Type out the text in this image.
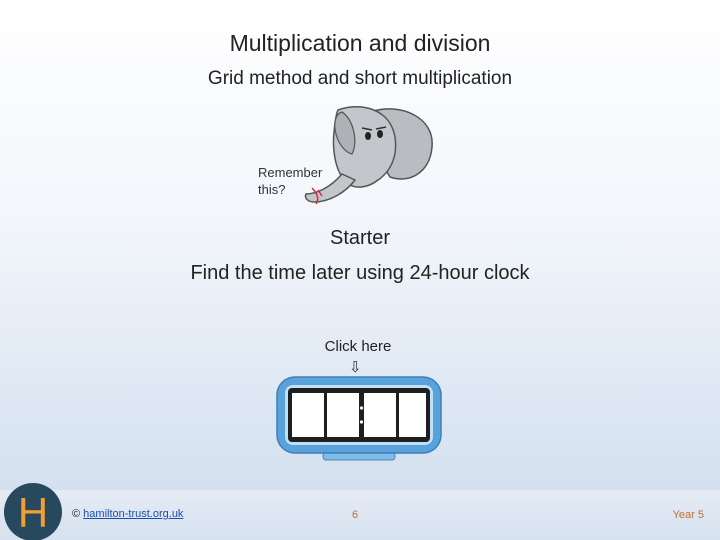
Multiplication and division
Grid method and short multiplication
Remember
this?
Starter
Find the time later using 24-hour clock
Click here
⇩
H © hamilton-trust.org.uk	6	Year 5
